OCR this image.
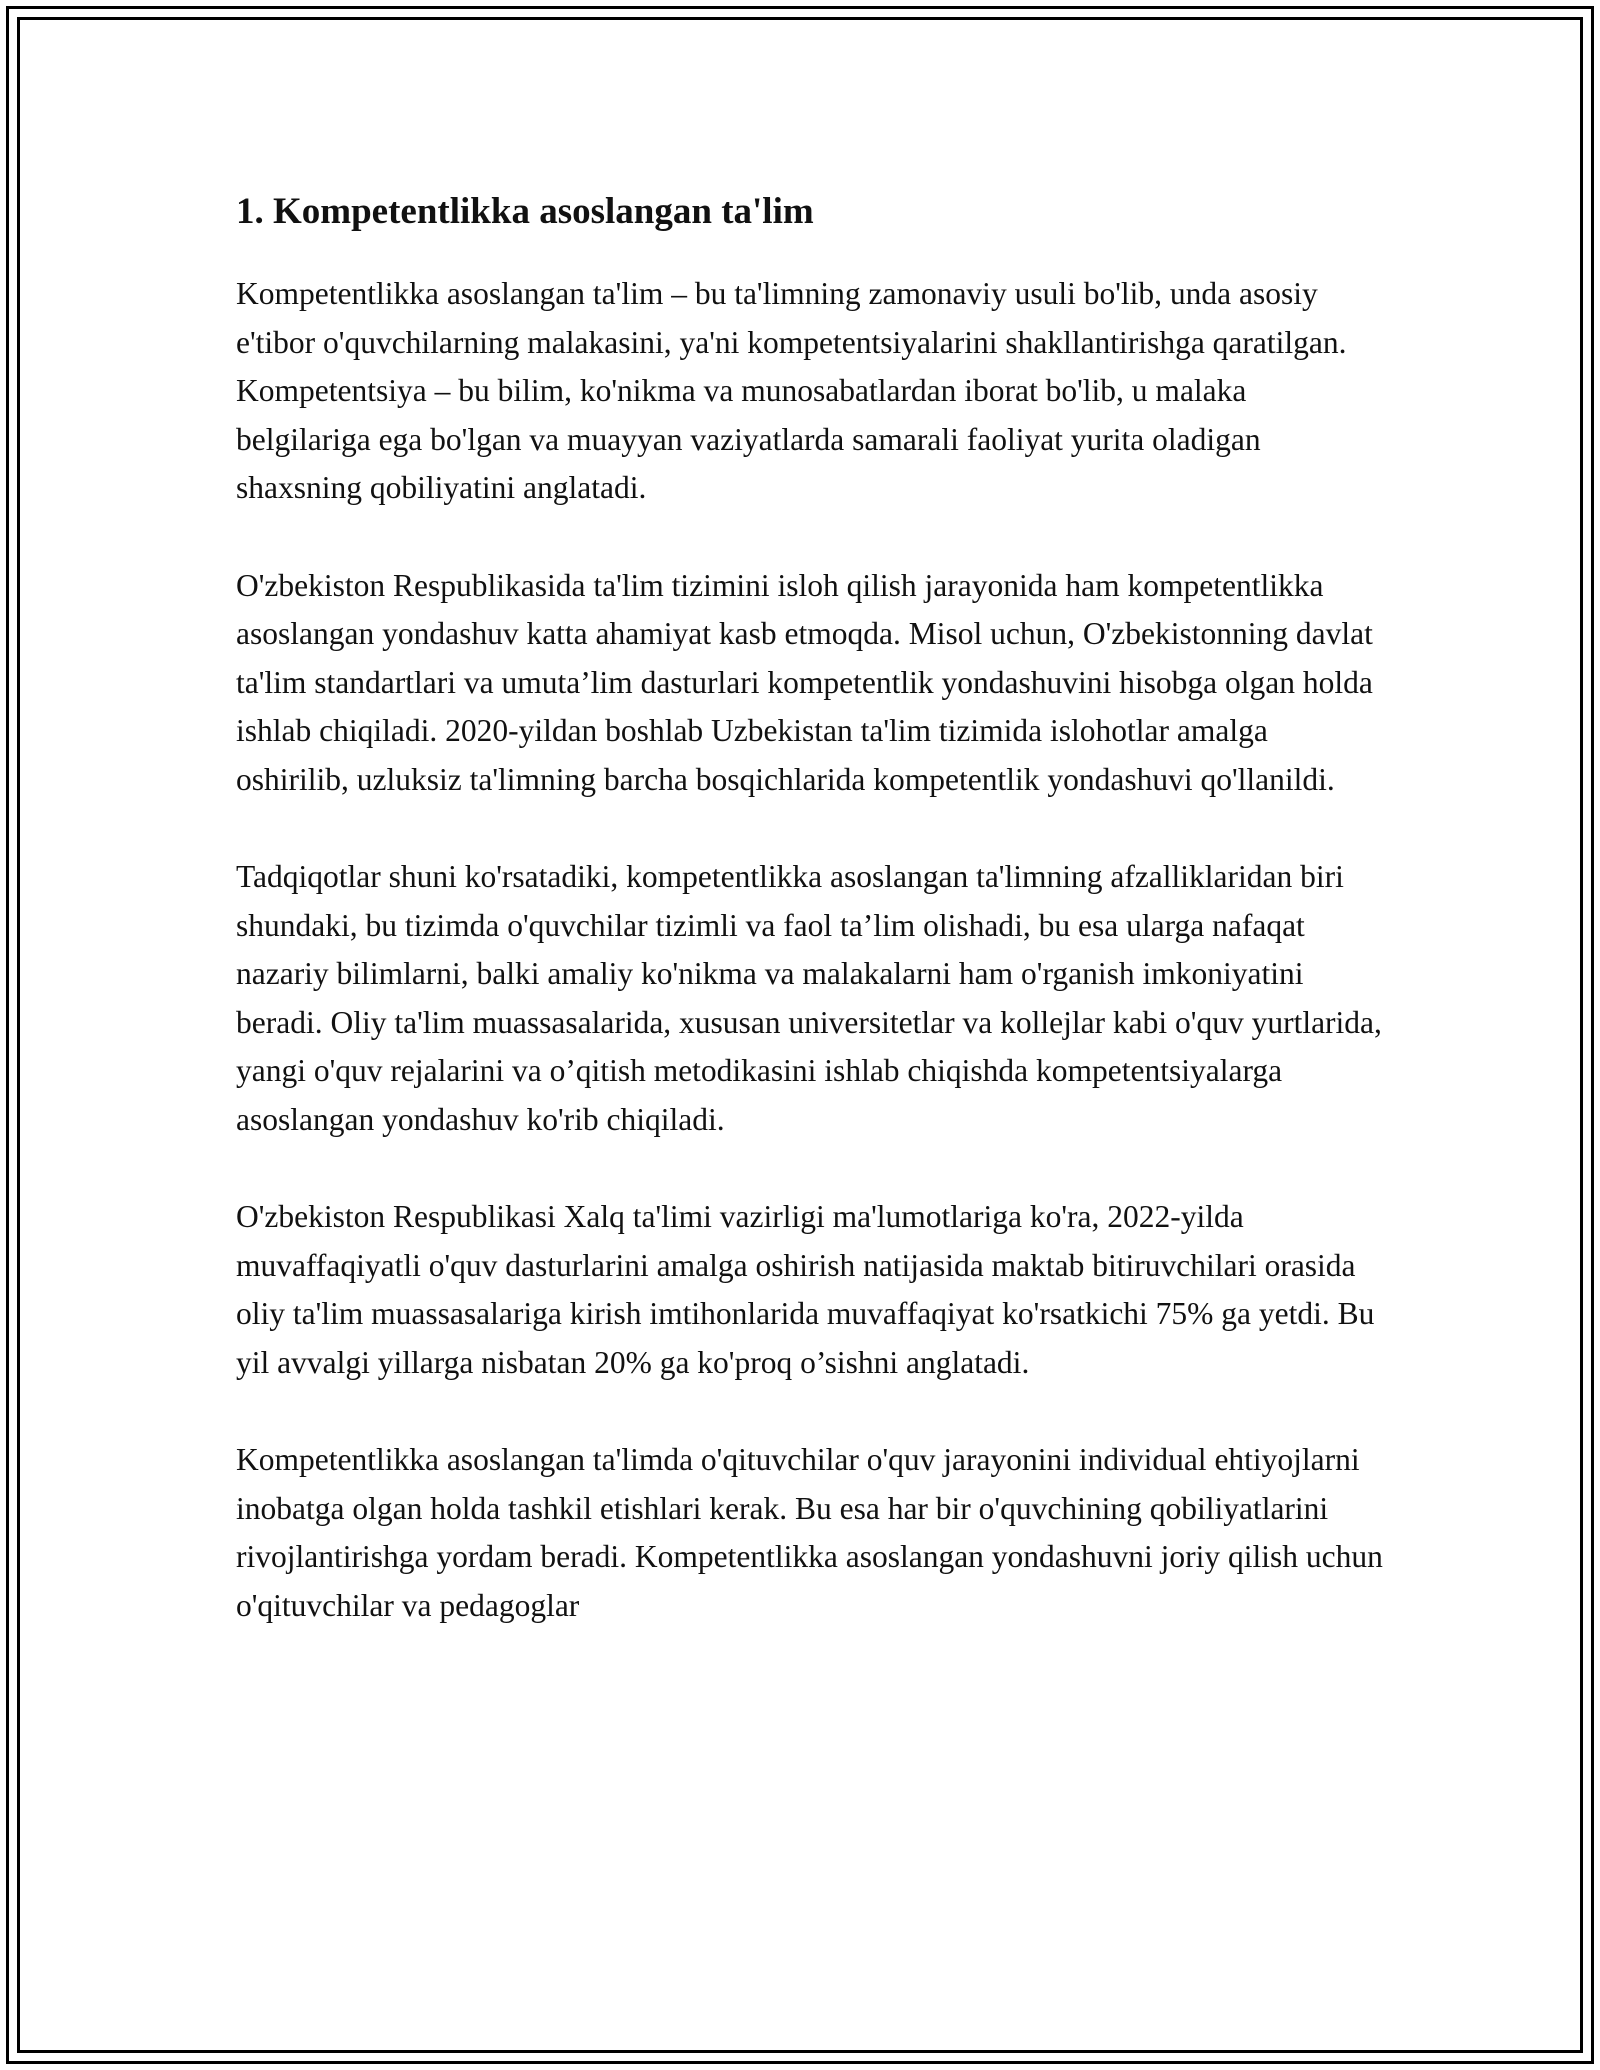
1. Kompetentlikka asoslangan ta'lim

Kompetentlikka asoslangan ta'lim – bu ta'limning zamonaviy usuli bo'lib, unda asosiy e'tibor o'quvchilarning malakasini, ya'ni kompetentsiyalarini shakllantirishga qaratilgan. Kompetentsiya – bu bilim, ko'nikma va munosabatlardan iborat bo'lib, u malaka belgilariga ega bo'lgan va muayyan vaziyatlarda samarali faoliyat yurita oladigan shaxsning qobiliyatini anglatadi.

O'zbekiston Respublikasida ta'lim tizimini isloh qilish jarayonida ham kompetentlikka asoslangan yondashuv katta ahamiyat kasb etmoqda. Misol uchun, O'zbekistonning davlat ta'lim standartlari va umuta’lim dasturlari kompetentlik yondashuvini hisobga olgan holda ishlab chiqiladi. 2020-yildan boshlab Uzbekistan ta'lim tizimida islohotlar amalga oshirilib, uzluksiz ta'limning barcha bosqichlarida kompetentlik yondashuvi qo'llanildi.

Tadqiqotlar shuni ko'rsatadiki, kompetentlikka asoslangan ta'limning afzalliklaridan biri shundaki, bu tizimda o'quvchilar tizimli va faol ta’lim olishadi, bu esa ularga nafaqat nazariy bilimlarni, balki amaliy ko'nikma va malakalarni ham o'rganish imkoniyatini beradi. Oliy ta'lim muassasalarida, xususan universitetlar va kollejlar kabi o'quv yurtlarida, yangi o'quv rejalarini va o’qitish metodikasini ishlab chiqishda kompetentsiyalarga asoslangan yondashuv ko'rib chiqiladi.

O'zbekiston Respublikasi Xalq ta'limi vazirligi ma'lumotlariga ko'ra, 2022-yilda muvaffaqiyatli o'quv dasturlarini amalga oshirish natijasida maktab bitiruvchilari orasida oliy ta'lim muassasalariga kirish imtihonlarida muvaffaqiyat ko'rsatkichi 75% ga yetdi. Bu yil avvalgi yillarga nisbatan 20% ga ko'proq o’sishni anglatadi.

Kompetentlikka asoslangan ta'limda o'qituvchilar o'quv jarayonini individual ehtiyojlarni inobatga olgan holda tashkil etishlari kerak. Bu esa har bir o'quvchining qobiliyatlarini rivojlantirishga yordam beradi. Kompetentlikka asoslangan yondashuvni joriy qilish uchun o'qituvchilar va pedagoglar
